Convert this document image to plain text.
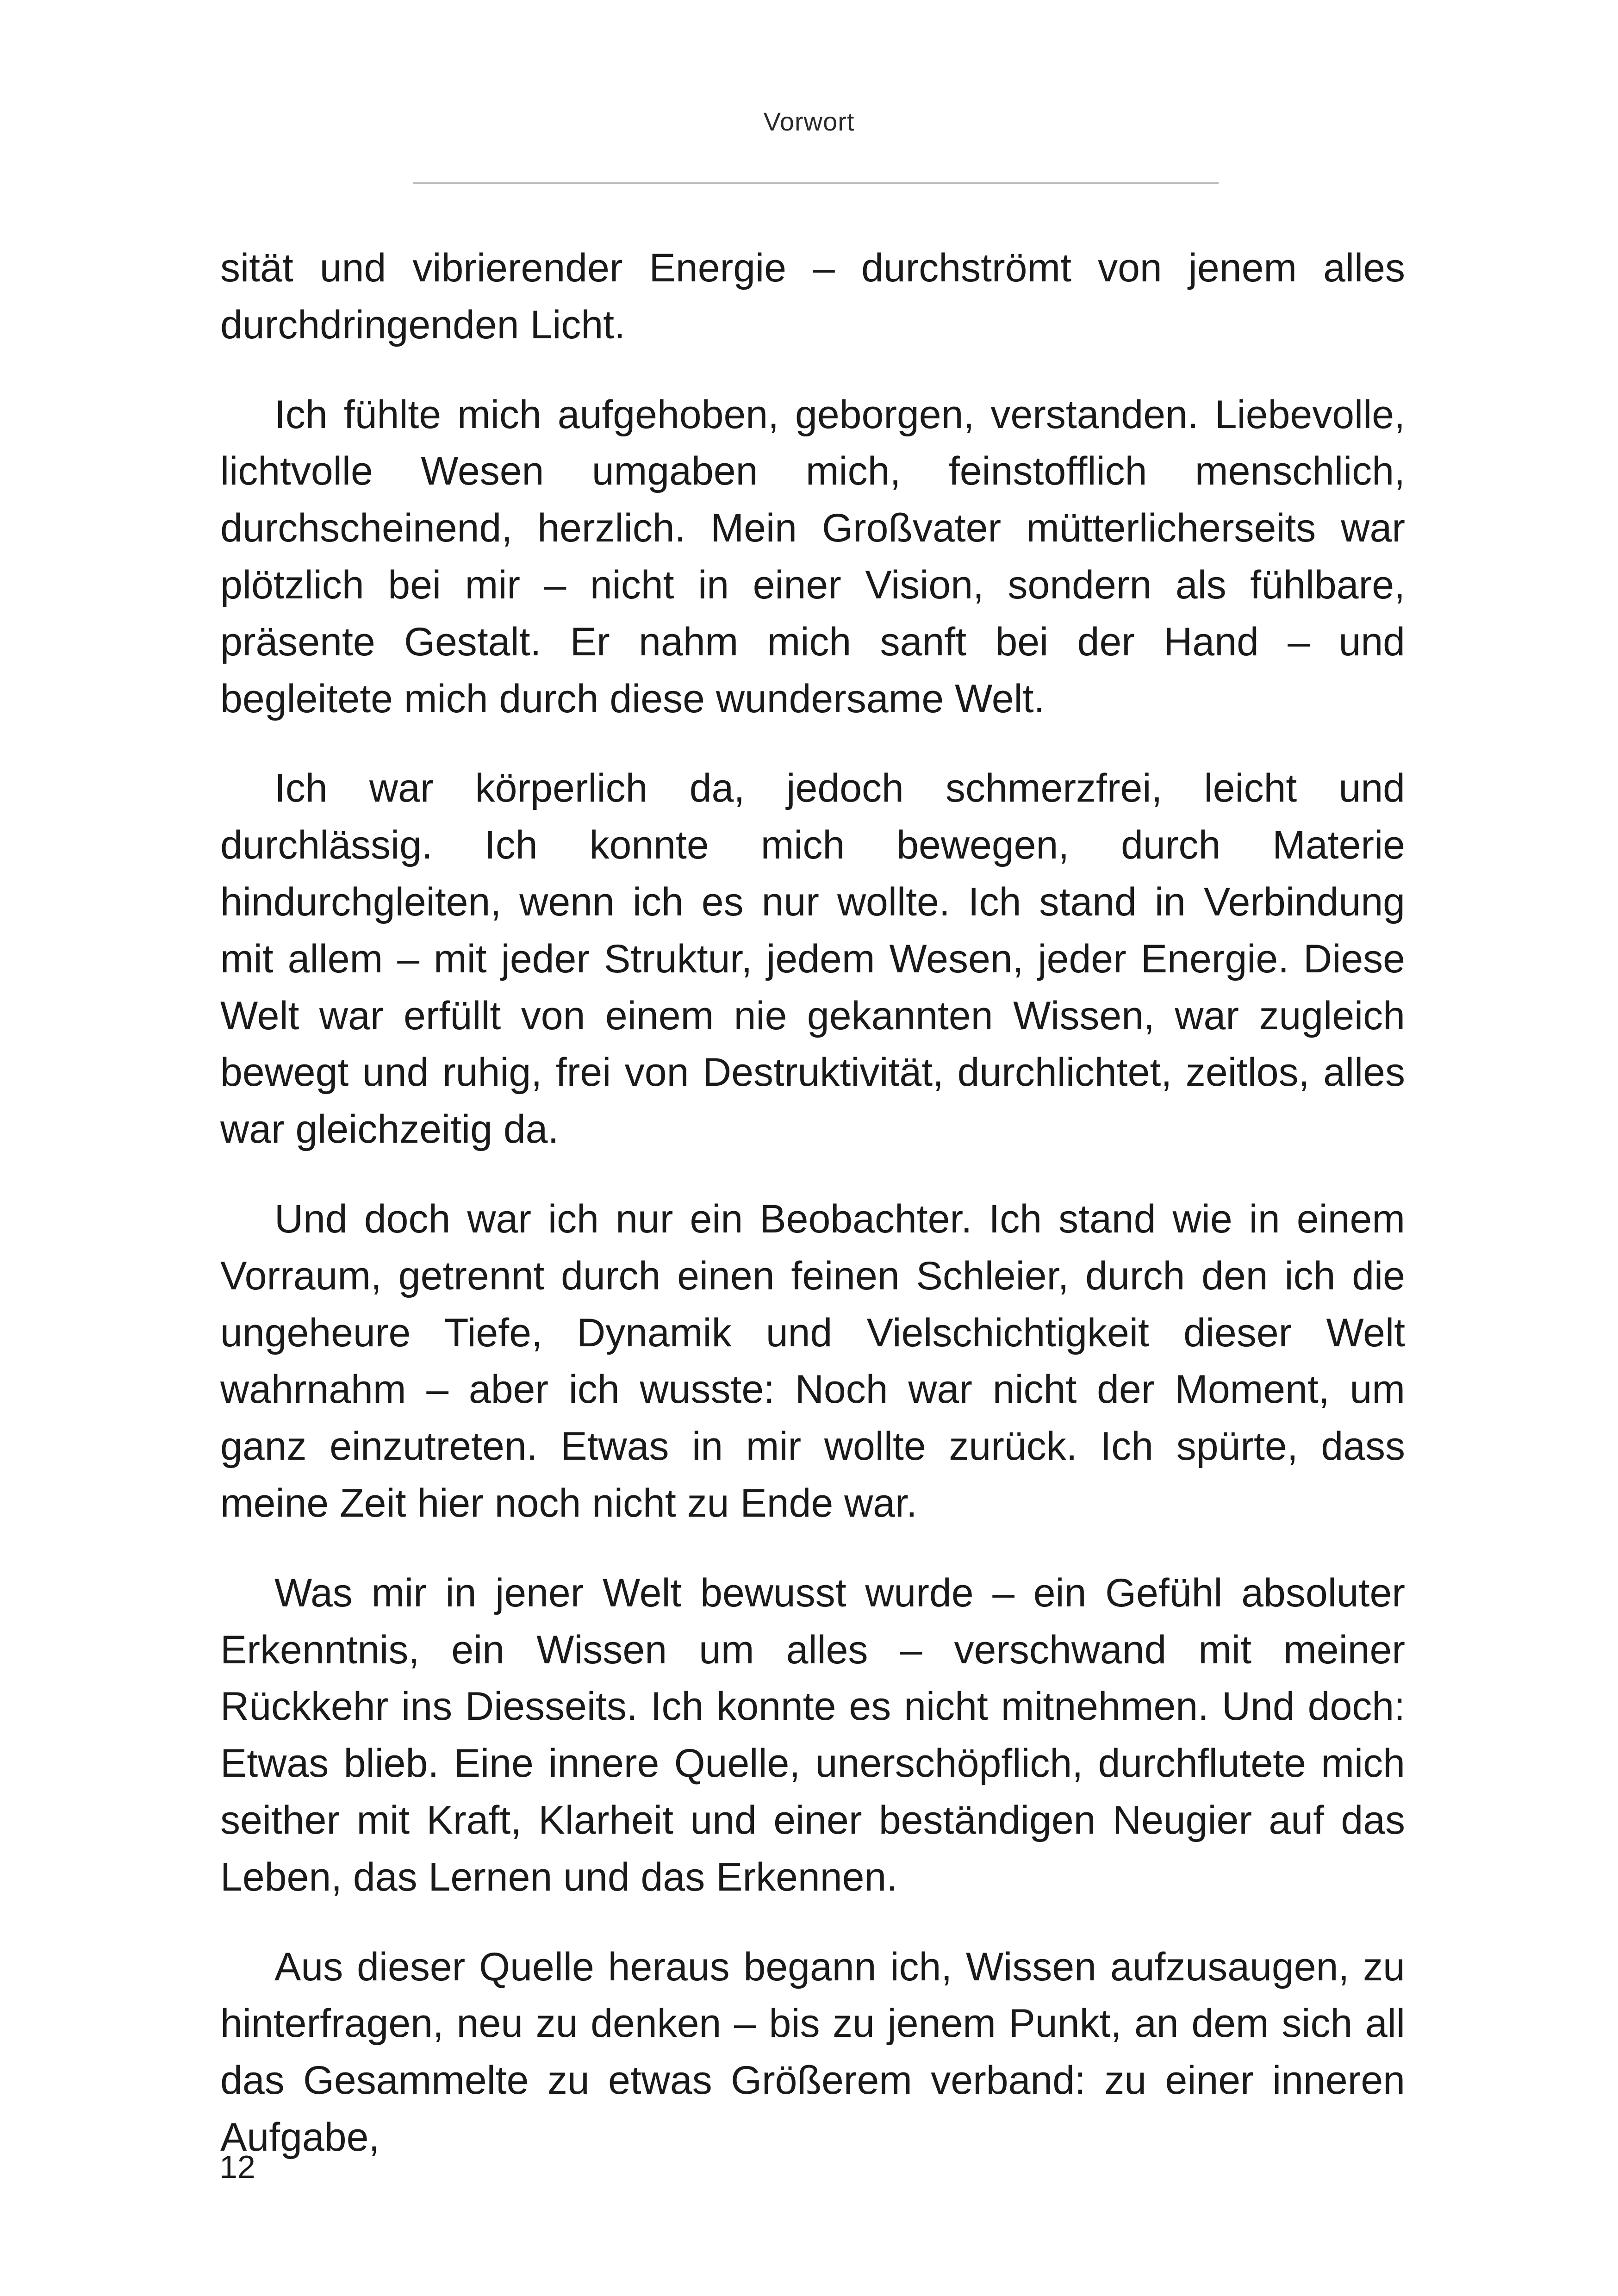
Vorwort

sität und vibrierender Energie – durchströmt von jenem alles durchdringenden Licht.

Ich fühlte mich aufgehoben, geborgen, verstanden. Liebevolle, lichtvolle Wesen umgaben mich, feinstofflich menschlich, durchscheinend, herzlich. Mein Großvater mütterlicherseits war plötzlich bei mir – nicht in einer Vision, sondern als fühlbare, präsente Gestalt. Er nahm mich sanft bei der Hand – und begleitete mich durch diese wundersame Welt.

Ich war körperlich da, jedoch schmerzfrei, leicht und durchlässig. Ich konnte mich bewegen, durch Materie hindurchgleiten, wenn ich es nur wollte. Ich stand in Verbindung mit allem – mit jeder Struktur, jedem Wesen, jeder Energie. Diese Welt war erfüllt von einem nie gekannten Wissen, war zugleich bewegt und ruhig, frei von Destruktivität, durchlichtet, zeitlos, alles war gleichzeitig da.

Und doch war ich nur ein Beobachter. Ich stand wie in einem Vorraum, getrennt durch einen feinen Schleier, durch den ich die ungeheure Tiefe, Dynamik und Vielschichtigkeit dieser Welt wahrnahm – aber ich wusste: Noch war nicht der Moment, um ganz einzutreten. Etwas in mir wollte zurück. Ich spürte, dass meine Zeit hier noch nicht zu Ende war.

Was mir in jener Welt bewusst wurde – ein Gefühl absoluter Erkenntnis, ein Wissen um alles – verschwand mit meiner Rückkehr ins Diesseits. Ich konnte es nicht mitnehmen. Und doch: Etwas blieb. Eine innere Quelle, unerschöpflich, durchflutete mich seither mit Kraft, Klarheit und einer beständigen Neugier auf das Leben, das Lernen und das Erkennen.

Aus dieser Quelle heraus begann ich, Wissen aufzusaugen, zu hinterfragen, neu zu denken – bis zu jenem Punkt, an dem sich all das Gesammelte zu etwas Größerem verband: zu einer inneren Aufgabe,

12
